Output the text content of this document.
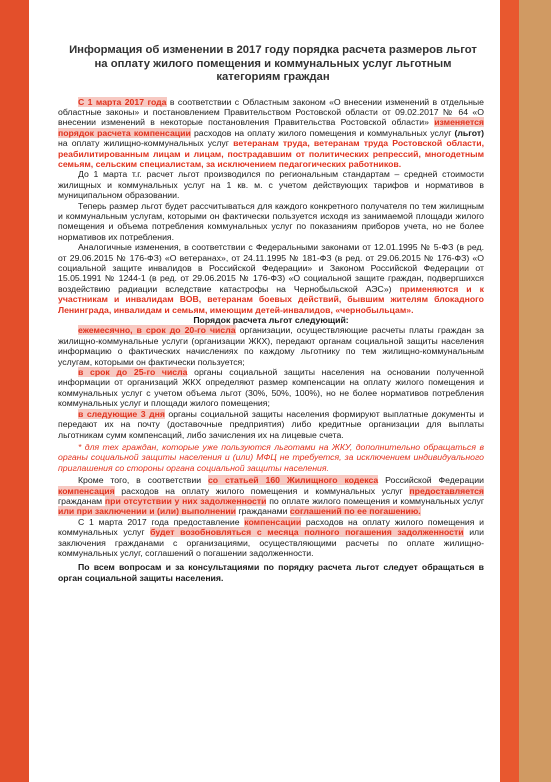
Информация об изменении в 2017 году порядка расчета размеров льгот на оплату жилого помещения и коммунальных услуг льготным категориям граждан

С 1 марта 2017 года в соответствии с Областным законом «О внесении изменений в отдельные областные законы» и постановлением Правительством Ростовской области от 09.02.2017 № 64 «О внесении изменений в некоторые постановления Правительства Ростовской области» изменяется порядок расчета компенсации расходов на оплату жилого помещения и коммунальных услуг (льгот) на оплату жилищно-коммунальных услуг ветеранам труда, ветеранам труда Ростовской области, реабилитированным лицам и лицам, пострадавшим от политических репрессий, многодетным семьям, сельским специалистам, за исключением педагогических работников.

До 1 марта т.г. расчет льгот производился по региональным стандартам – средней стоимости жилищных и коммунальных услуг на 1 кв. м. с учетом действующих тарифов и нормативов в муниципальном образовании.

Теперь размер льгот будет рассчитываться для каждого конкретного получателя по тем жилищным и коммунальным услугам, которыми он фактически пользуется исходя из занимаемой площади жилого помещения и объема потребления коммунальных услуг по показаниям приборов учета, но не более нормативов их потребления.

Аналогичные изменения, в соответствии с Федеральными законами от 12.01.1995 № 5-ФЗ (в ред. от 29.06.2015 № 176-ФЗ) «О ветеранах», от 24.11.1995 № 181-ФЗ (в ред. от 29.06.2015 № 176-ФЗ) «О социальной защите инвалидов в Российской Федерации» и Законом Российской Федерации от 15.05.1991 № 1244-1 (в ред. от 29.06.2015 № 176-ФЗ) «О социальной защите граждан, подвергшихся воздействию радиации вследствие катастрофы на Чернобыльской АЭС») применяются и к участникам и инвалидам ВОВ, ветеранам боевых действий, бывшим жителям блокадного Ленинграда, инвалидам и семьям, имеющим детей-инвалидов, «чернобыльцам».

Порядок расчета льгот следующий:

ежемесячно, в срок до 20-го числа организации, осуществляющие расчеты платы граждан за жилищно-коммунальные услуги (организации ЖКХ), передают органам социальной защиты населения информацию о фактических начислениях по каждому льготнику по тем жилищно-коммунальным услугам, которыми он фактически пользуется;

в срок до 25-го числа органы социальной защиты населения на основании полученной информации от организаций ЖКХ определяют размер компенсации на оплату жилого помещения и коммунальных услуг с учетом объема льгот (30%, 50%, 100%), но не более нормативов потребления коммунальных услуг и площади жилого помещения;

в следующие 3 дня органы социальной защиты населения формируют выплатные документы и передают их на почту (доставочные предприятия) либо кредитные организации для выплаты льготникам сумм компенсаций, либо зачисления их на лицевые счета.

* для тех граждан, которые уже пользуются льготами на ЖКУ, дополнительно обращаться в органы социальной защиты населения и (или) МФЦ не требуется, за исключением индивидуального приглашения со стороны органа социальной защиты населения.

Кроме того, в соответствии со статьей 160 Жилищного кодекса Российской Федерации компенсация расходов на оплату жилого помещения и коммунальных услуг предоставляется гражданам при отсутствии у них задолженности по оплате жилого помещения и коммунальных услуг или при заключении и (или) выполнении гражданами соглашений по ее погашению.

С 1 марта 2017 года предоставление компенсации расходов на оплату жилого помещения и коммунальных услуг будет возобновляться с месяца полного погашения задолженности или заключения гражданами с организациями, осуществляющими расчеты по оплате жилищно-коммунальных услуг, соглашений о погашении задолженности.

По всем вопросам и за консультациями по порядку расчета льгот следует обращаться в орган социальной защиты населения.
